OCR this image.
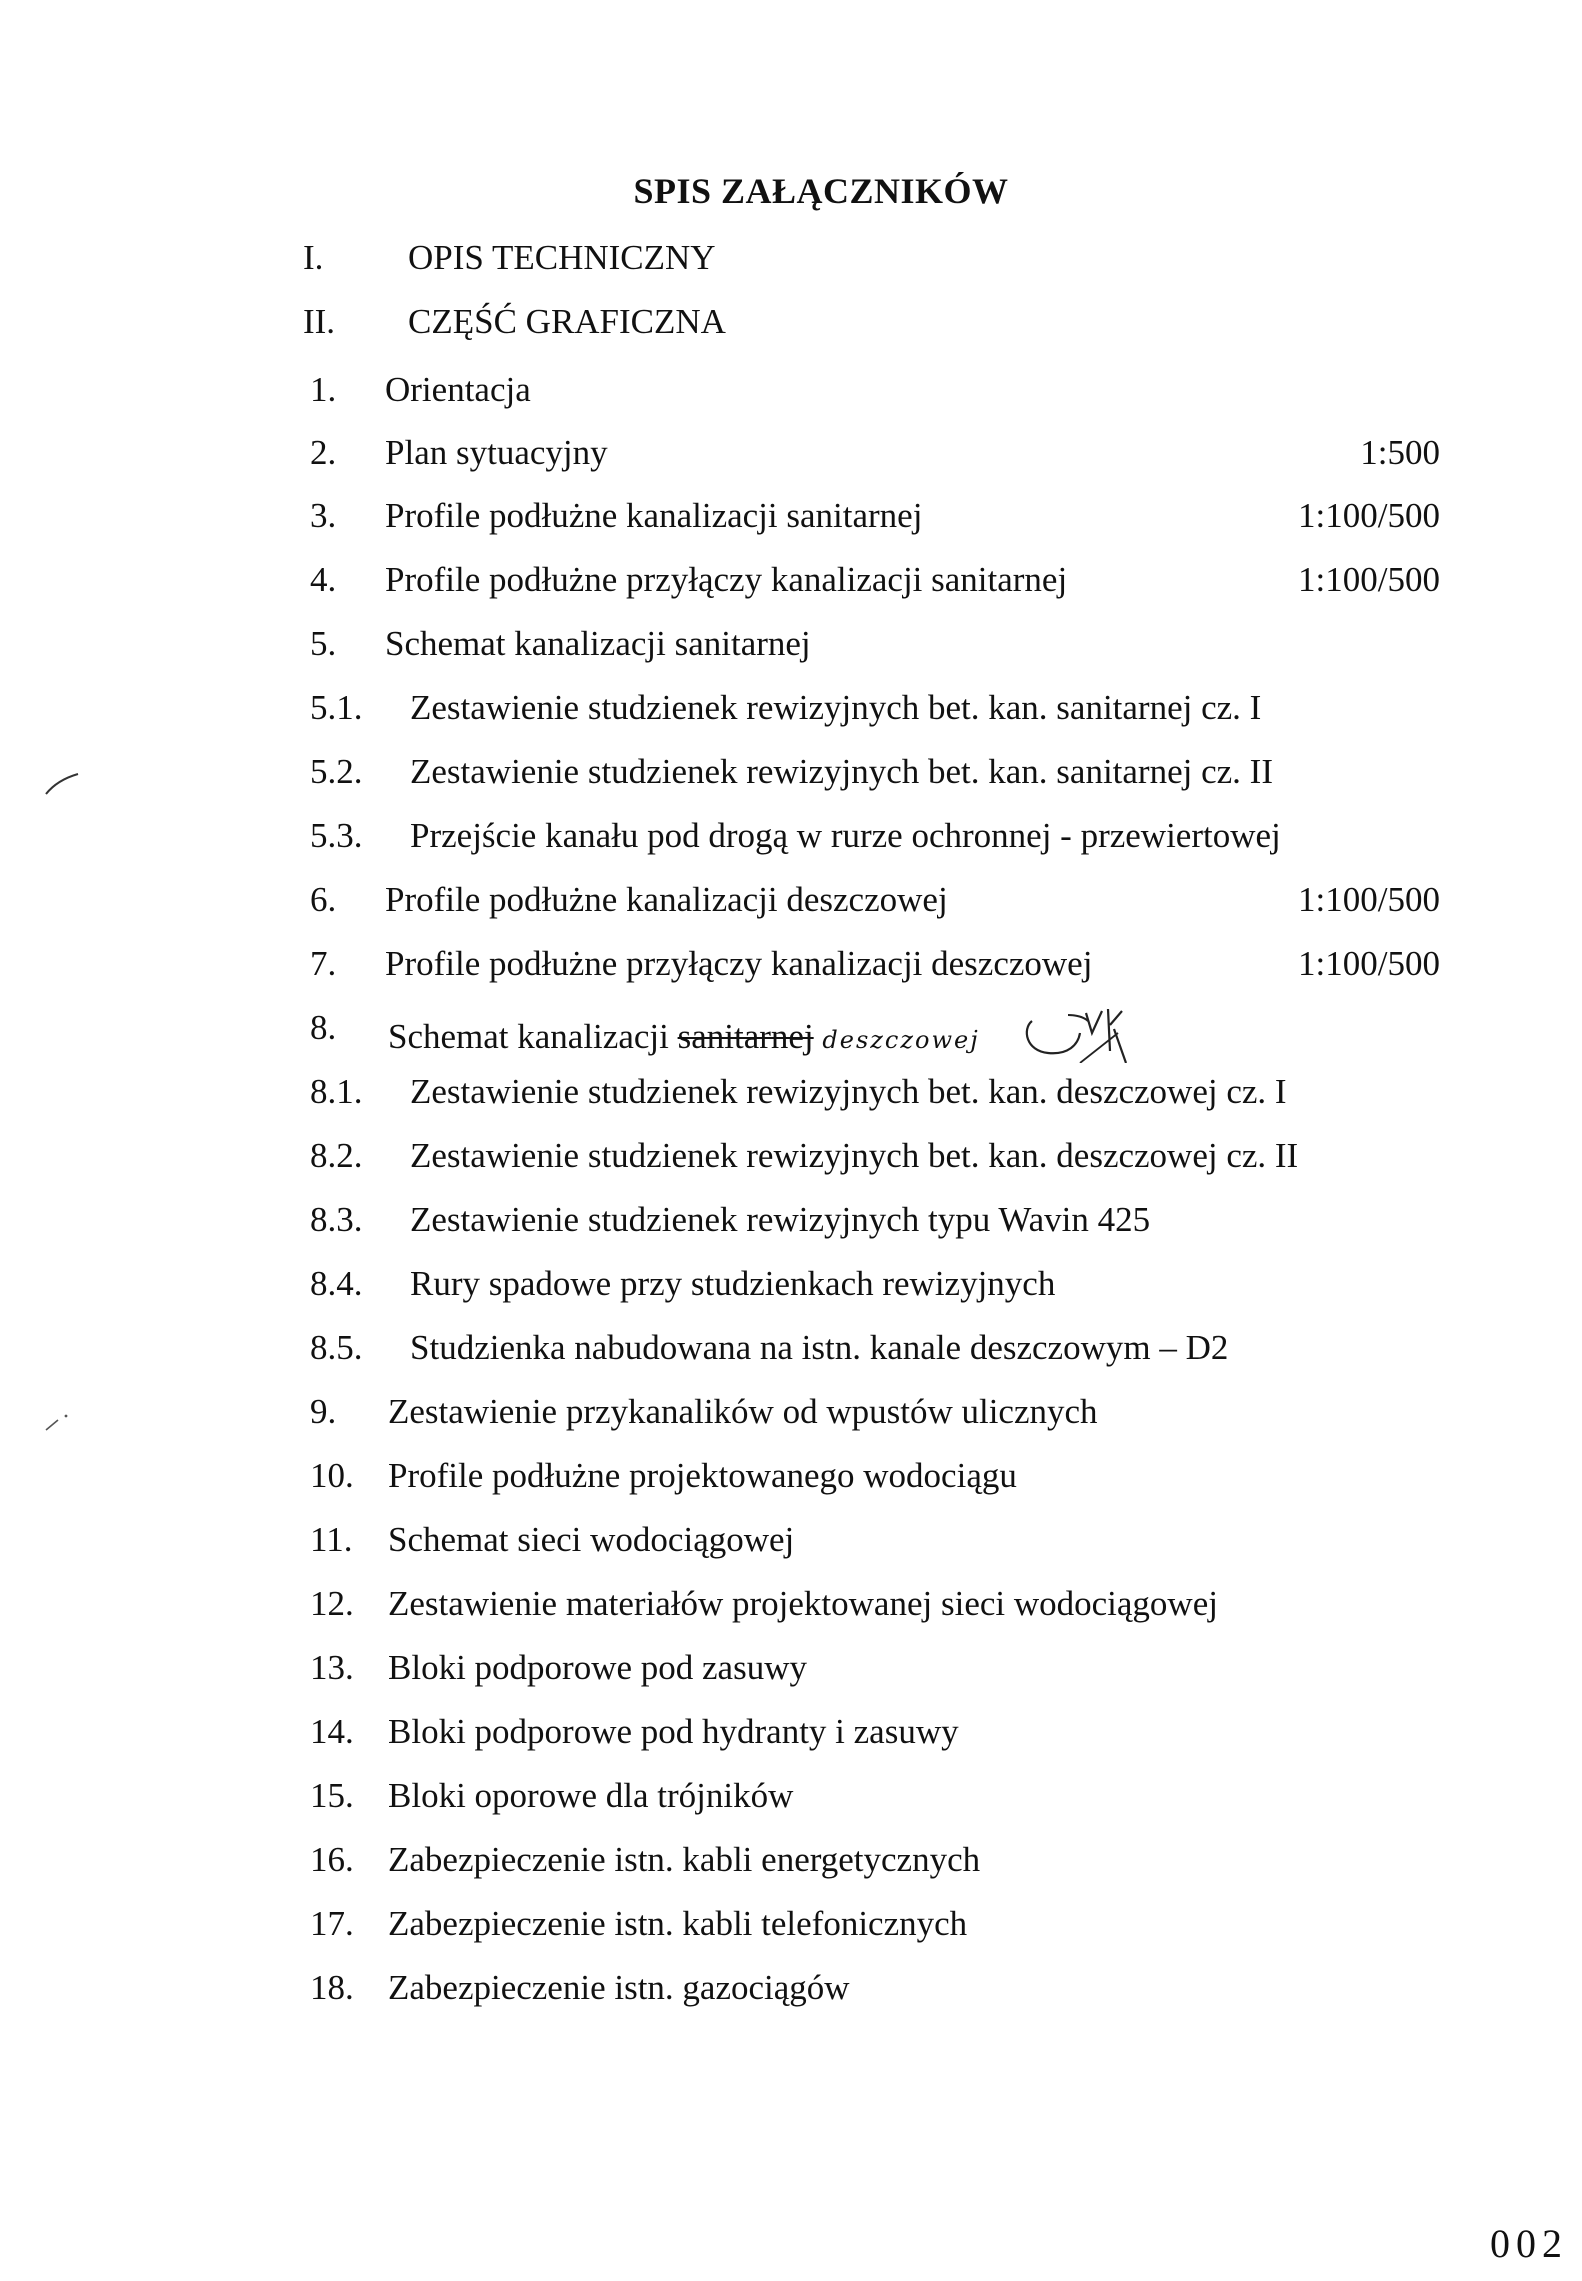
SPIS ZAŁĄCZNIKÓW
I. OPIS TECHNICZNY
II. CZĘŚĆ GRAFICZNA
1. Orientacja
2. Plan sytuacyjny	1:500
3. Profile podłużne kanalizacji sanitarnej	1:100/500
4. Profile podłużne przyłączy kanalizacji sanitarnej	1:100/500
5. Schemat kanalizacji sanitarnej
5.1. Zestawienie studzienek rewizyjnych bet. kan. sanitarnej cz. I
5.2. Zestawienie studzienek rewizyjnych bet. kan. sanitarnej cz. II
5.3. Przejście kanału pod drogą w rurze ochronnej - przewiertowej
6. Profile podłużne kanalizacji deszczowej	1:100/500
7. Profile podłużne przyłączy kanalizacji deszczowej	1:100/500
8. Schemat kanalizacji sanitarnej deszczowej
8.1. Zestawienie studzienek rewizyjnych bet. kan. deszczowej cz. I
8.2. Zestawienie studzienek rewizyjnych bet. kan. deszczowej cz. II
8.3. Zestawienie studzienek rewizyjnych typu Wavin 425
8.4. Rury spadowe przy studzienkach rewizyjnych
8.5. Studzienka nabudowana na istn. kanale deszczowym – D2
9. Zestawienie przykanalików od wpustów ulicznych
10. Profile podłużne projektowanego wodociągu
11. Schemat sieci wodociągowej
12. Zestawienie materiałów projektowanej sieci wodociągowej
13. Bloki podporowe pod zasuwy
14. Bloki podporowe pod hydranty i zasuwy
15. Bloki oporowe dla trójników
16. Zabezpieczenie istn. kabli energetycznych
17. Zabezpieczenie istn. kabli telefonicznych
18. Zabezpieczenie istn. gazociągów
002
